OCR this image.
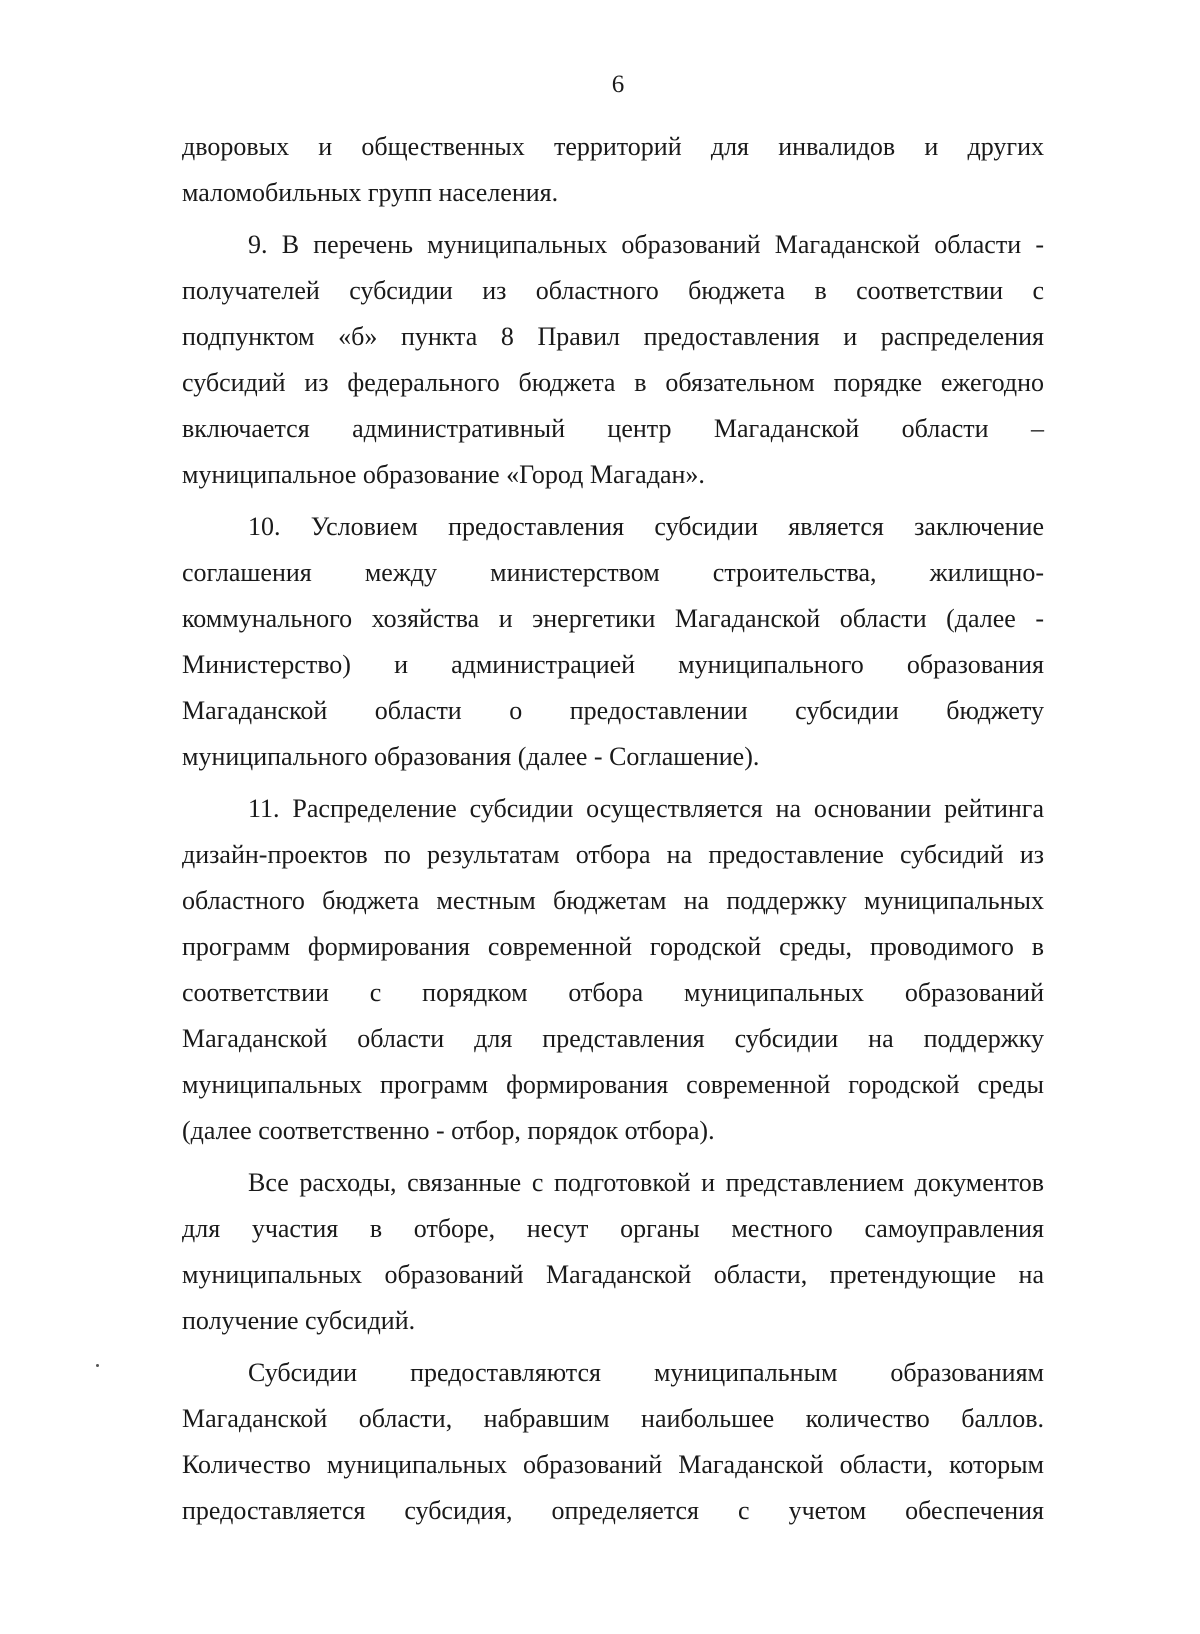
6

дворовых и общественных территорий для инвалидов и других

маломобильных групп населения.

9. В перечень муниципальных образований Магаданской области -

получателей субсидии из областного бюджета в соответствии с

подпунктом «б» пункта 8 Правил предоставления и распределения

субсидий из федерального бюджета в обязательном порядке ежегодно

включается административный центр Магаданской области –

муниципальное образование «Город Магадан».

10. Условием предоставления субсидии является заключение

соглашения между министерством строительства, жилищно-

коммунального хозяйства и энергетики Магаданской области (далее -

Министерство) и администрацией муниципального образования

Магаданской области о предоставлении субсидии бюджету

муниципального образования (далее - Соглашение).

11. Распределение субсидии осуществляется на основании рейтинга

дизайн-проектов по результатам отбора на предоставление субсидий из

областного бюджета местным бюджетам на поддержку муниципальных

программ формирования современной городской среды, проводимого в

соответствии с порядком отбора муниципальных образований

Магаданской области для представления субсидии на поддержку

муниципальных программ формирования современной городской среды

(далее соответственно - отбор, порядок отбора).

Все расходы, связанные с подготовкой и представлением документов

для участия в отборе, несут органы местного самоуправления

муниципальных образований Магаданской области, претендующие на

получение субсидий.

Субсидии предоставляются муниципальным образованиям

Магаданской области, набравшим наибольшее количество баллов.

Количество муниципальных образований Магаданской области, которым

предоставляется субсидия, определяется с учетом обеспечения
